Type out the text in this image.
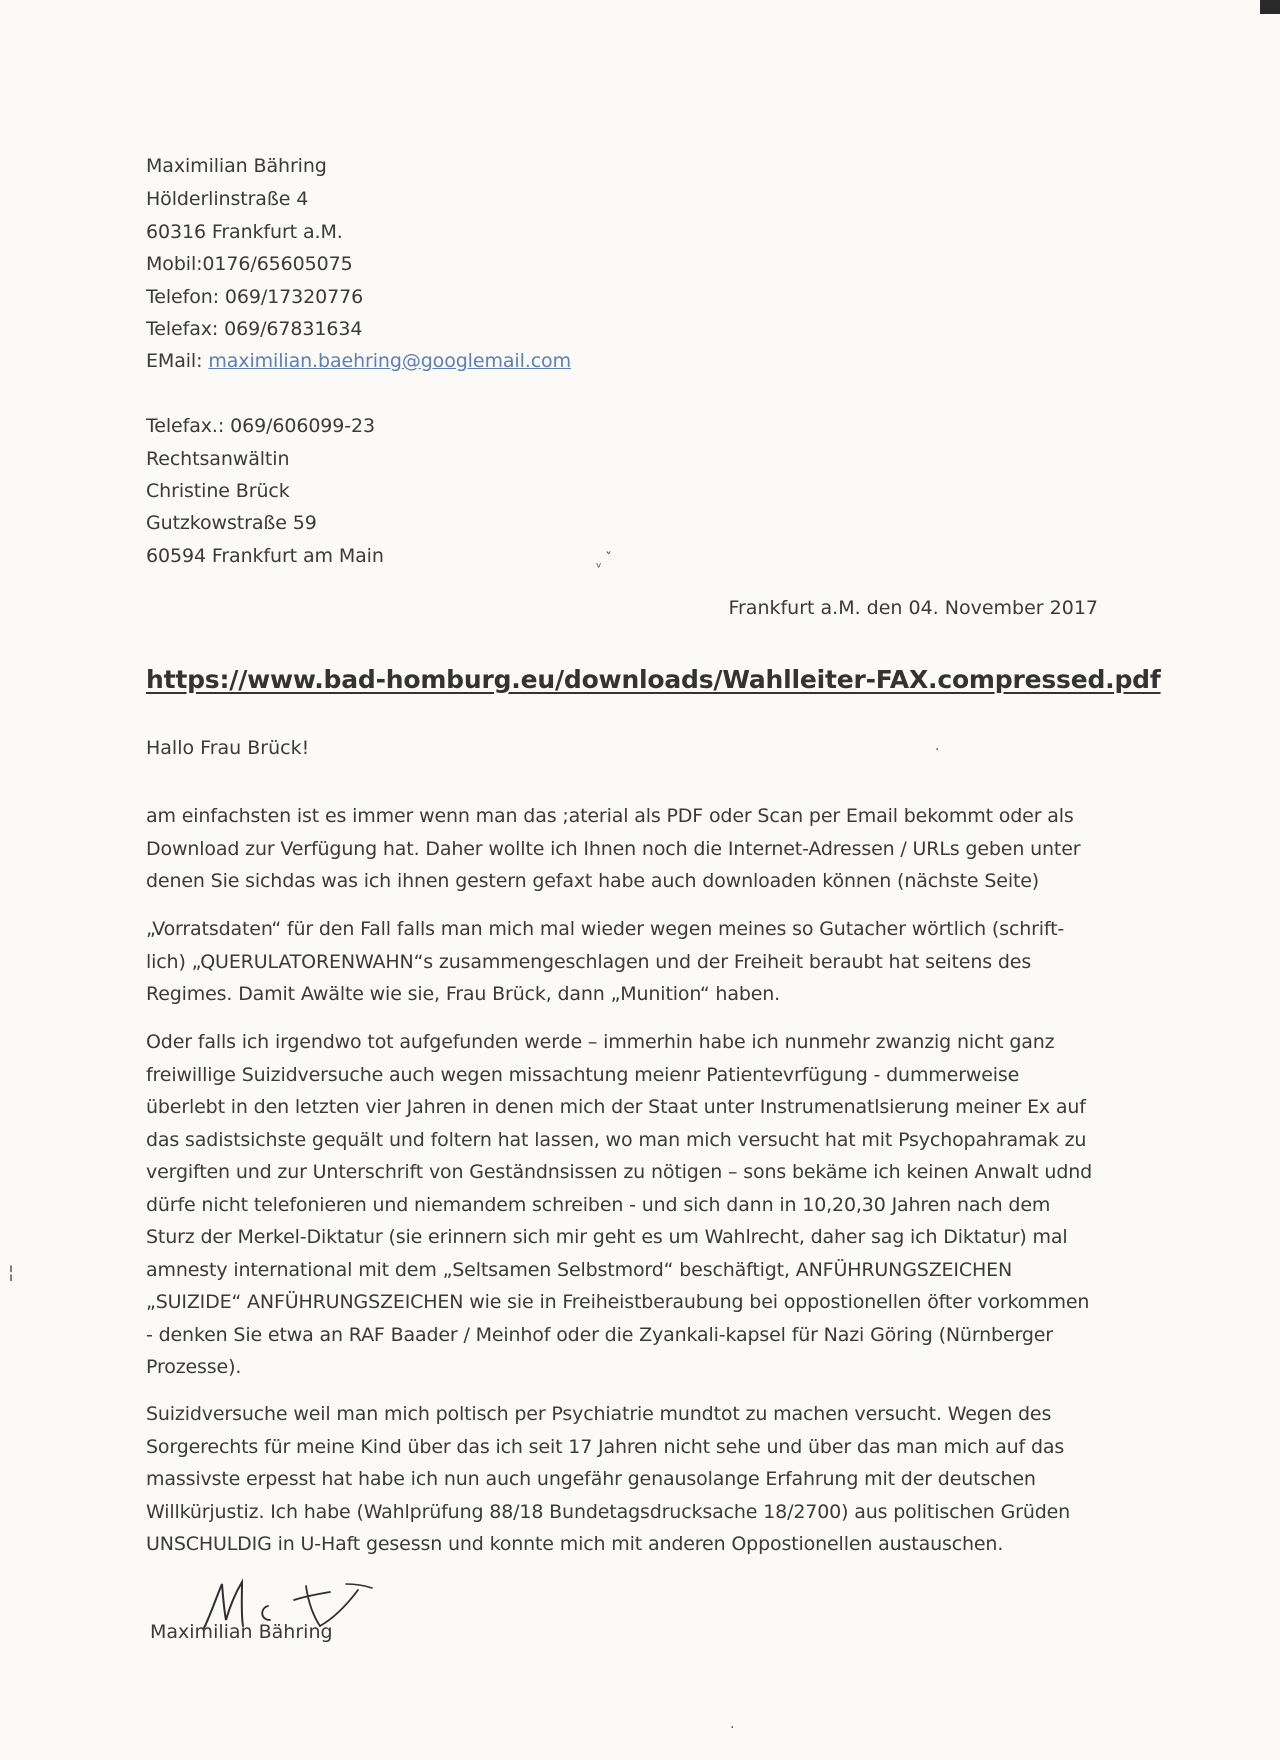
Maximilian Bähring
Hölderlinstraße 4
60316 Frankfurt a.M.
Mobil:0176/65605075
Telefon: 069/17320776
Telefax: 069/67831634
EMail: maximilian.baehring@googlemail.com
Telefax.: 069/606099-23
Rechtsanwältin
Christine Brück
Gutzkowstraße 59
60594 Frankfurt am Main
Frankfurt a.M. den 04. November 2017
https://www.bad-homburg.eu/downloads/Wahlleiter-FAX.compressed.pdf
Hallo Frau Brück!
am einfachsten ist es immer wenn man das ;aterial als PDF oder Scan per Email bekommt oder als
Download zur Verfügung hat. Daher wollte ich Ihnen noch die Internet-Adressen / URLs geben unter
denen Sie sichdas was ich ihnen gestern gefaxt habe auch downloaden können (nächste Seite)
„Vorratsdaten“ für den Fall falls man mich mal wieder wegen meines so Gutacher wörtlich (schrift-
lich) „QUERULATORENWAHN“s zusammengeschlagen und der Freiheit beraubt hat seitens des
Regimes. Damit Awälte wie sie, Frau Brück, dann „Munition“ haben.
Oder falls ich irgendwo tot aufgefunden werde – immerhin habe ich nunmehr zwanzig nicht ganz
freiwillige Suizidversuche auch wegen missachtung meienr Patientevrfügung - dummerweise
überlebt in den letzten vier Jahren in denen mich der Staat unter Instrumenatlsierung meiner Ex auf
das sadistsichste gequält und foltern hat lassen, wo man mich versucht hat mit Psychopahramak zu
vergiften und zur Unterschrift von Geständnsissen zu nötigen – sons bekäme ich keinen Anwalt udnd
dürfe nicht telefonieren und niemandem schreiben - und sich dann in 10,20,30 Jahren nach dem
Sturz der Merkel-Diktatur (sie erinnern sich mir geht es um Wahlrecht, daher sag ich Diktatur) mal
amnesty international mit dem „Seltsamen Selbstmord“ beschäftigt, ANFÜHRUNGSZEICHEN
„SUIZIDE“ ANFÜHRUNGSZEICHEN wie sie in Freiheistberaubung bei oppostionellen öfter vorkommen
- denken Sie etwa an RAF Baader / Meinhof oder die Zyankali-kapsel für Nazi Göring (Nürnberger
Prozesse).
Suizidversuche weil man mich poltisch per Psychiatrie mundtot zu machen versucht. Wegen des
Sorgerechts für meine Kind über das ich seit 17 Jahren nicht sehe und über das man mich auf das
massivste erpesst hat habe ich nun auch ungefähr genausolange Erfahrung mit der deutschen
Willkürjustiz. Ich habe (Wahlprüfung 88/18 Bundetagsdrucksache 18/2700) aus politischen Grüden
UNSCHULDIG in U-Haft gesessn und konnte mich mit anderen Oppostionellen austauschen.
Maximilian Bähring
ᵛ
ˇ
·
·
¦
